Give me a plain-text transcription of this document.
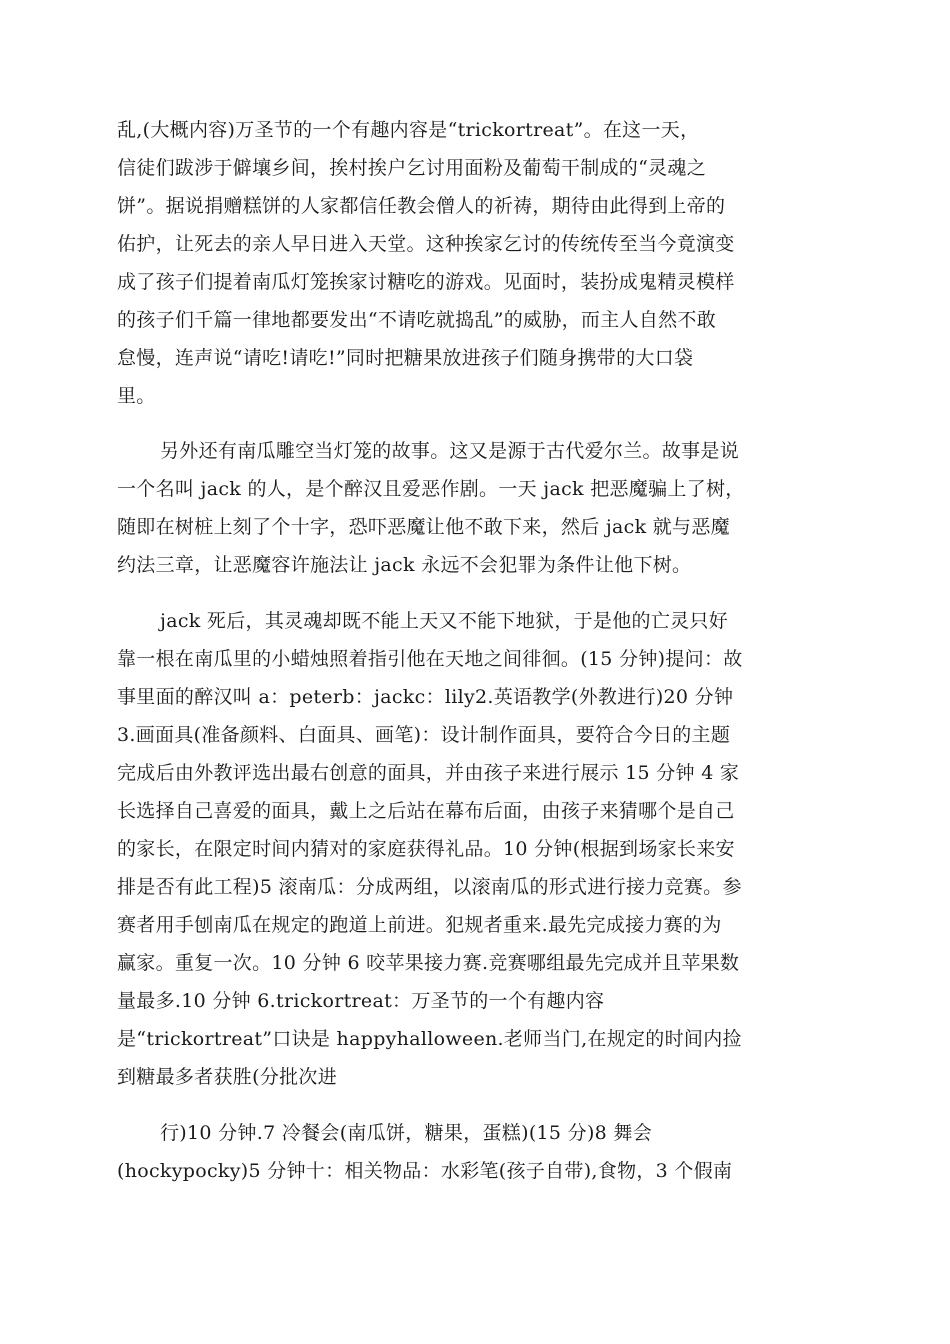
乱,(大概内容)万圣节的一个有趣内容是“trickortreat”。在这一天，
信徒们跋涉于僻壤乡间，挨村挨户乞讨用面粉及葡萄干制成的“灵魂之
饼”。据说捐赠糕饼的人家都信任教会僧人的祈祷，期待由此得到上帝的
佑护，让死去的亲人早日进入天堂。这种挨家乞讨的传统传至当今竟演变
成了孩子们提着南瓜灯笼挨家讨糖吃的游戏。见面时，装扮成鬼精灵模样
的孩子们千篇一律地都要发出“不请吃就捣乱”的威胁，而主人自然不敢
怠慢，连声说“请吃!请吃!”同时把糖果放进孩子们随身携带的大口袋
里。
另外还有南瓜雕空当灯笼的故事。这又是源于古代爱尔兰。故事是说
一个名叫 jack 的人，是个醉汉且爱恶作剧。一天 jack 把恶魔骗上了树，
随即在树桩上刻了个十字，恐吓恶魔让他不敢下来，然后 jack 就与恶魔
约法三章，让恶魔容许施法让 jack 永远不会犯罪为条件让他下树。
jack 死后，其灵魂却既不能上天又不能下地狱，于是他的亡灵只好
靠一根在南瓜里的小蜡烛照着指引他在天地之间徘徊。(15 分钟)提问：故
事里面的醉汉叫 a：peterb：jackc：lily2.英语教学(外教进行)20 分钟
3.画面具(准备颜料、白面具、画笔)：设计制作面具，要符合今日的主题
完成后由外教评选出最右创意的面具，并由孩子来进行展示 15 分钟 4 家
长选择自己喜爱的面具，戴上之后站在幕布后面，由孩子来猜哪个是自己
的家长，在限定时间内猜对的家庭获得礼品。10 分钟(根据到场家长来安
排是否有此工程)5 滚南瓜：分成两组，以滚南瓜的形式进行接力竞赛。参
赛者用手刨南瓜在规定的跑道上前进。犯规者重来.最先完成接力赛的为
赢家。重复一次。10 分钟 6 咬苹果接力赛.竞赛哪组最先完成并且苹果数
量最多.10 分钟 6.trickortreat：万圣节的一个有趣内容
是“trickortreat”口诀是 happyhalloween.老师当门,在规定的时间内捡
到糖最多者获胜(分批次进
行)10 分钟.7 冷餐会(南瓜饼，糖果，蛋糕)(15 分)8 舞会
(hockypocky)5 分钟十：相关物品：水彩笔(孩子自带),食物，3 个假南
